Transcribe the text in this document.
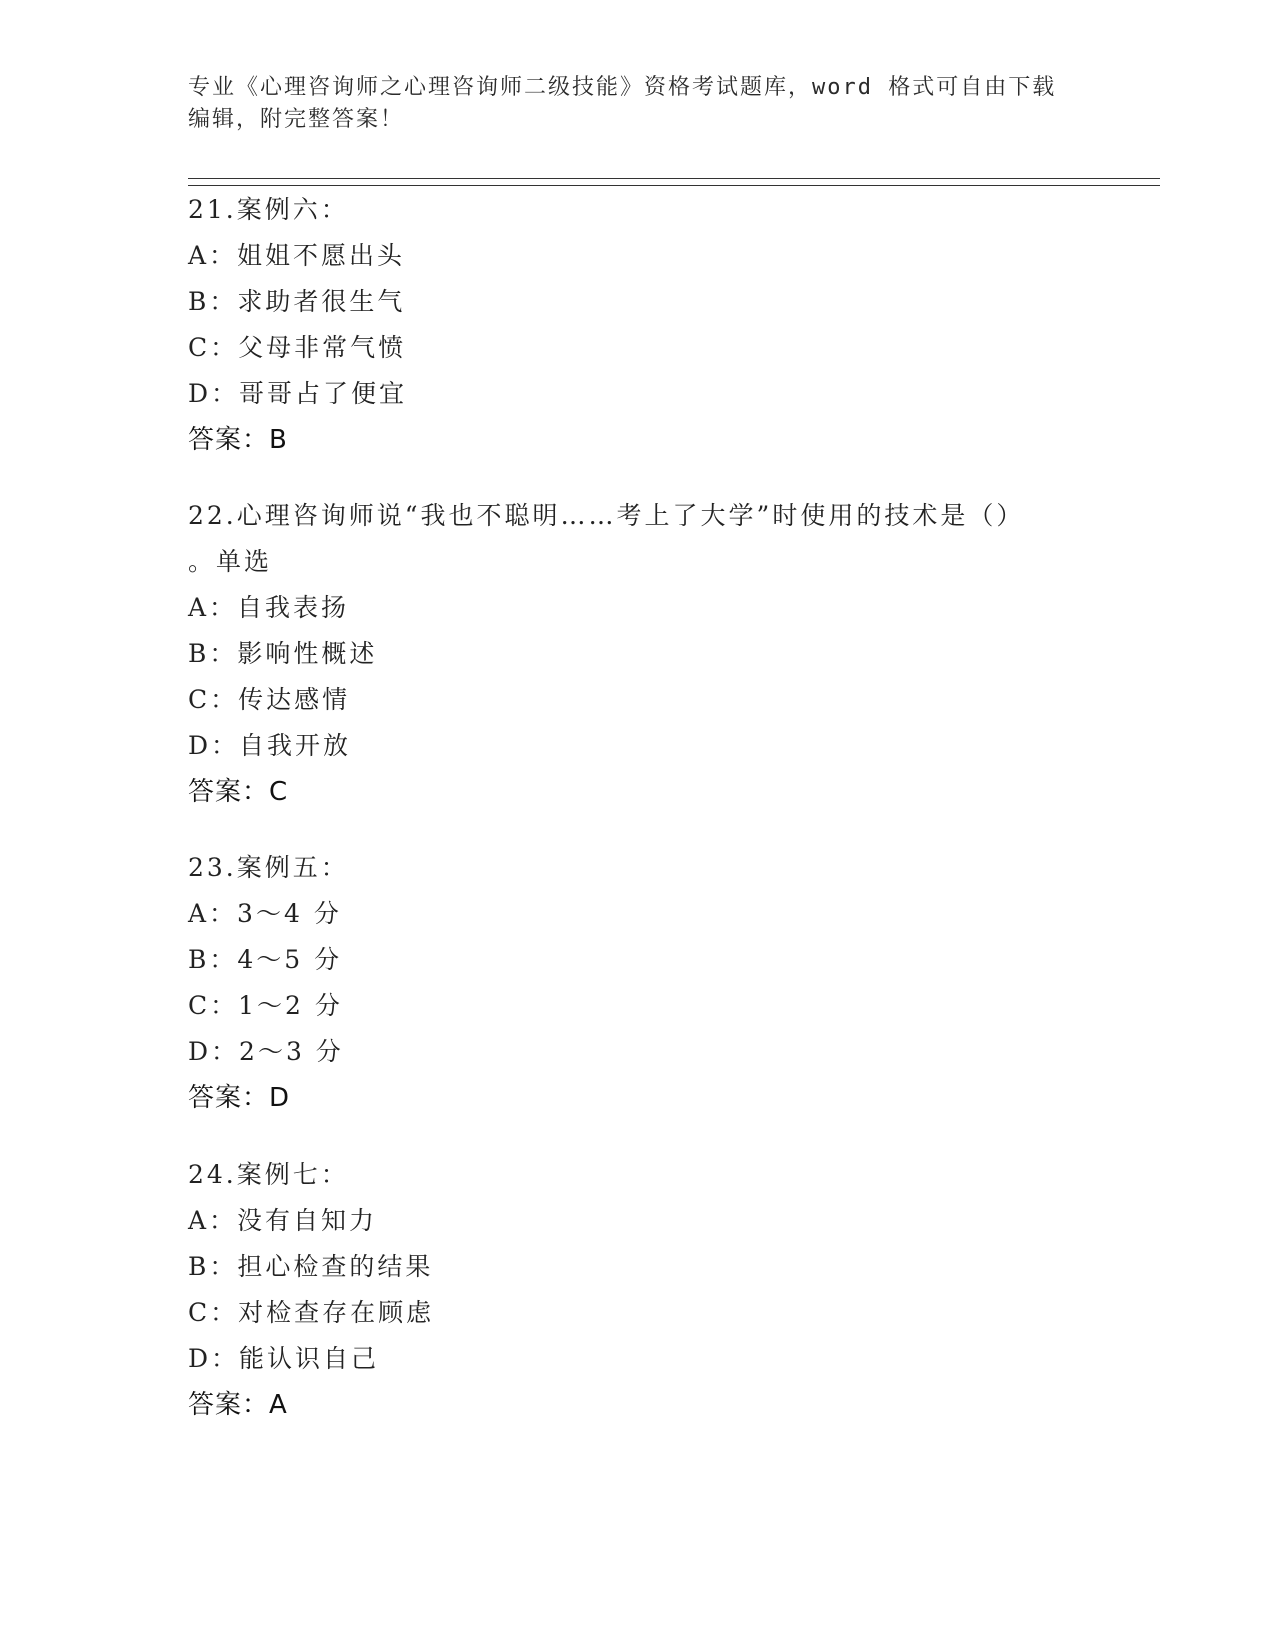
专业《心理咨询师之心理咨询师二级技能》资格考试题库，word 格式可自由下载
编辑，附完整答案！
21.案例六：
A：姐姐不愿出头
B：求助者很生气
C：父母非常气愤
D：哥哥占了便宜
答案：B
22.心理咨询师说“我也不聪明……考上了大学”时使用的技术是（）
。单选
A：自我表扬
B：影响性概述
C：传达感情
D：自我开放
答案：C
23.案例五：
A：3～4 分
B：4～5 分
C：1～2 分
D：2～3 分
答案：D
24.案例七：
A：没有自知力
B：担心检查的结果
C：对检查存在顾虑
D：能认识自己
答案：A
